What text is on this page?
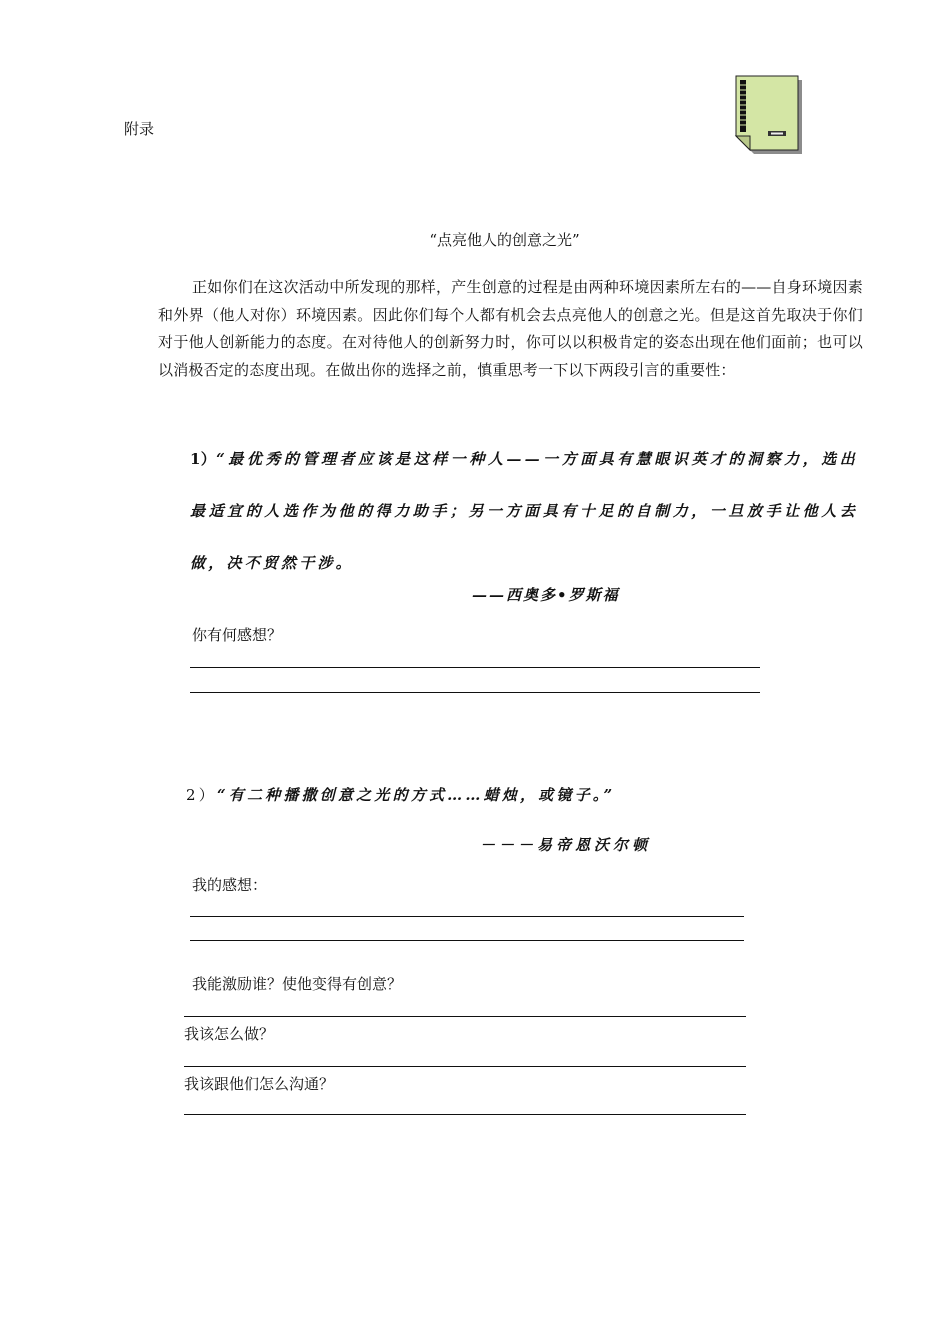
附录
“点亮他人的创意之光”
正如你们在这次活动中所发现的那样，产生创意的过程是由两种环境因素所左右的——自身环境因素和外界（他人对你）环境因素。因此你们每个人都有机会去点亮他人的创意之光。但是这首先取决于你们对于他人创新能力的态度。在对待他人的创新努力时，你可以以积极肯定的姿态出现在他们面前；也可以以消极否定的态度出现。在做出你的选择之前，慎重思考一下以下两段引言的重要性：
1）“最优秀的管理者应该是这样一种人——一方面具有慧眼识英才的洞察力，选出最适宜的人选作为他的得力助手；另一方面具有十足的自制力，一旦放手让他人去做，决不贸然干涉。
——西奥多•罗斯福
你有何感想？
2）“有二种播撒创意之光的方式……蜡烛，或镜子。”
－－－易帝恩沃尔顿
我的感想：
我能激励谁？使他变得有创意？
我该怎么做？
我该跟他们怎么沟通？
